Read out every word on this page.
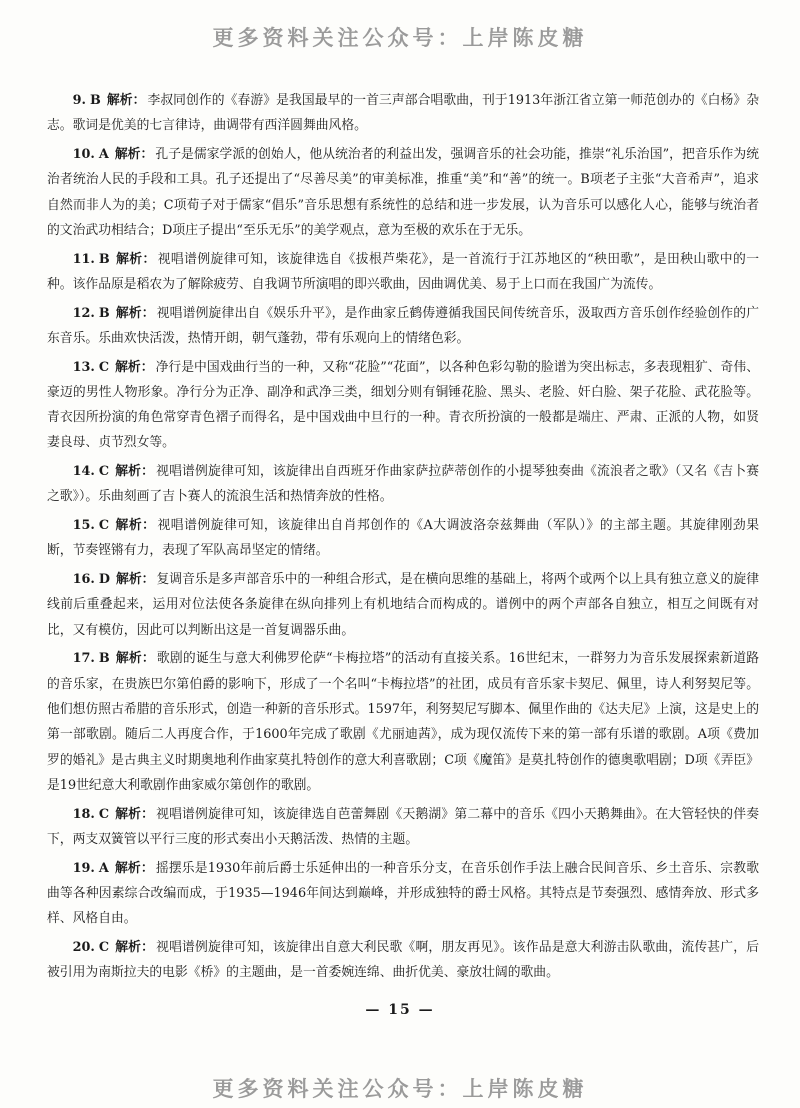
更多资料关注公众号：上岸陈皮糖

9. B 解析： 李叔同创作的《春游》是我国最早的一首三声部合唱歌曲，刊于1913年浙江省立第一师范创办的《白杨》杂志。歌词是优美的七言律诗，曲调带有西洋圆舞曲风格。

10. A 解析： 孔子是儒家学派的创始人，他从统治者的利益出发，强调音乐的社会功能，推崇“礼乐治国”，把音乐作为统治者统治人民的手段和工具。孔子还提出了“尽善尽美”的审美标准，推重“美”和“善”的统一。B项老子主张“大音希声”，追求自然而非人为的美；C项荀子对于儒家“倡乐”音乐思想有系统性的总结和进一步发展，认为音乐可以感化人心，能够与统治者的文治武功相结合；D项庄子提出“至乐无乐”的美学观点，意为至极的欢乐在于无乐。

11. B 解析： 视唱谱例旋律可知，该旋律选自《拔根芦柴花》，是一首流行于江苏地区的“秧田歌”，是田秧山歌中的一种。该作品原是稻农为了解除疲劳、自我调节所演唱的即兴歌曲，因曲调优美、易于上口而在我国广为流传。

12. B 解析： 视唱谱例旋律出自《娱乐升平》，是作曲家丘鹤俦遵循我国民间传统音乐，汲取西方音乐创作经验创作的广东音乐。乐曲欢快活泼，热情开朗，朝气蓬勃，带有乐观向上的情绪色彩。

13. C 解析： 净行是中国戏曲行当的一种，又称“花脸”“花面”，以各种色彩勾勒的脸谱为突出标志，多表现粗犷、奇伟、豪迈的男性人物形象。净行分为正净、副净和武净三类，细划分则有铜锤花脸、黑头、老脸、奸白脸、架子花脸、武花脸等。青衣因所扮演的角色常穿青色褶子而得名，是中国戏曲中旦行的一种。青衣所扮演的一般都是端庄、严肃、正派的人物，如贤妻良母、贞节烈女等。

14. C 解析： 视唱谱例旋律可知，该旋律出自西班牙作曲家萨拉萨蒂创作的小提琴独奏曲《流浪者之歌》（又名《吉卜赛之歌》）。乐曲刻画了吉卜赛人的流浪生活和热情奔放的性格。

15. C 解析： 视唱谱例旋律可知，该旋律出自肖邦创作的《A大调波洛奈兹舞曲（军队）》的主部主题。其旋律刚劲果断，节奏铿锵有力，表现了军队高昂坚定的情绪。

16. D 解析： 复调音乐是多声部音乐中的一种组合形式，是在横向思维的基础上，将两个或两个以上具有独立意义的旋律线前后重叠起来，运用对位法使各条旋律在纵向排列上有机地结合而构成的。谱例中的两个声部各自独立，相互之间既有对比，又有模仿，因此可以判断出这是一首复调器乐曲。

17. B 解析： 歌剧的诞生与意大利佛罗伦萨“卡梅拉塔”的活动有直接关系。16世纪末，一群努力为音乐发展探索新道路的音乐家，在贵族巴尔第伯爵的影响下，形成了一个名叫“卡梅拉塔”的社团，成员有音乐家卡契尼、佩里，诗人利努契尼等。他们想仿照古希腊的音乐形式，创造一种新的音乐形式。1597年，利努契尼写脚本、佩里作曲的《达夫尼》上演，这是史上的第一部歌剧。随后二人再度合作，于1600年完成了歌剧《尤丽迪茜》，成为现仅流传下来的第一部有乐谱的歌剧。A项《费加罗的婚礼》是古典主义时期奥地利作曲家莫扎特创作的意大利喜歌剧；C项《魔笛》是莫扎特创作的德奥歌唱剧；D项《弄臣》是19世纪意大利歌剧作曲家威尔第创作的歌剧。

18. C 解析： 视唱谱例旋律可知，该旋律选自芭蕾舞剧《天鹅湖》第二幕中的音乐《四小天鹅舞曲》。在大管轻快的伴奏下，两支双簧管以平行三度的形式奏出小天鹅活泼、热情的主题。

19. A 解析： 摇摆乐是1930年前后爵士乐延伸出的一种音乐分支，在音乐创作手法上融合民间音乐、乡土音乐、宗教歌曲等各种因素综合改编而成，于1935—1946年间达到巅峰，并形成独特的爵士风格。其特点是节奏强烈、感情奔放、形式多样、风格自由。

20. C 解析： 视唱谱例旋律可知，该旋律出自意大利民歌《啊，朋友再见》。该作品是意大利游击队歌曲，流传甚广，后被引用为南斯拉夫的电影《桥》的主题曲，是一首委婉连绵、曲折优美、豪放壮阔的歌曲。

— 15 —
更多资料关注公众号：上岸陈皮糖
